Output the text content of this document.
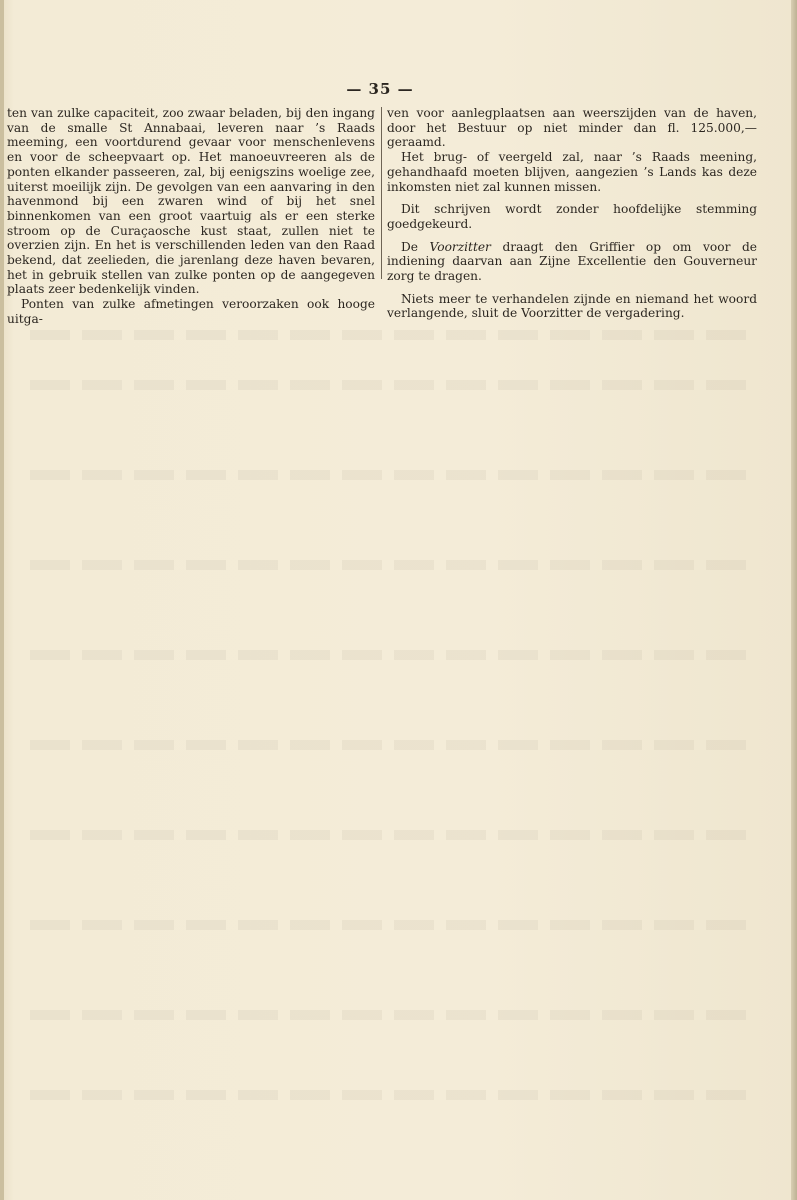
— 35 —

ten van zulke capaciteit, zoo zwaar beladen, bij den ingang van de smalle St Annabaai, leveren naar ’s Raads meeming, een voortdurend gevaar voor menschenlevens en voor de scheepvaart op. Het manoeuvreeren als de ponten elkander passeeren, zal, bij eenigszins woelige zee, uiterst moeilijk zijn. De gevolgen van een aanvaring in den havenmond bij een zwaren wind of bij het snel binnenkomen van een groot vaartuig als er een sterke stroom op de Curaçaosche kust staat, zullen niet te overzien zijn. En het is verschillenden leden van den Raad bekend, dat zeelieden, die jarenlang deze haven bevaren, het in gebruik stellen van zulke ponten op de aangegeven plaats zeer bedenkelijk vinden.

Ponten van zulke afmetingen veroorzaken ook hooge uitga-

ven voor aanlegplaatsen aan weerszijden van de haven, door het Bestuur op niet minder dan fl. 125.000,— geraamd.

Het brug- of veergeld zal, naar ’s Raads meening, gehandhaafd moeten blijven, aangezien ’s Lands kas deze inkomsten niet zal kunnen missen.

Dit schrijven wordt zonder hoofdelijke stemming goedgekeurd.

De Voorzitter draagt den Griffier op om voor de indiening daarvan aan Zijne Excellentie den Gouverneur zorg te dragen.

Niets meer te verhandelen zijnde en niemand het woord verlangende, sluit de Voorzitter de vergadering.
